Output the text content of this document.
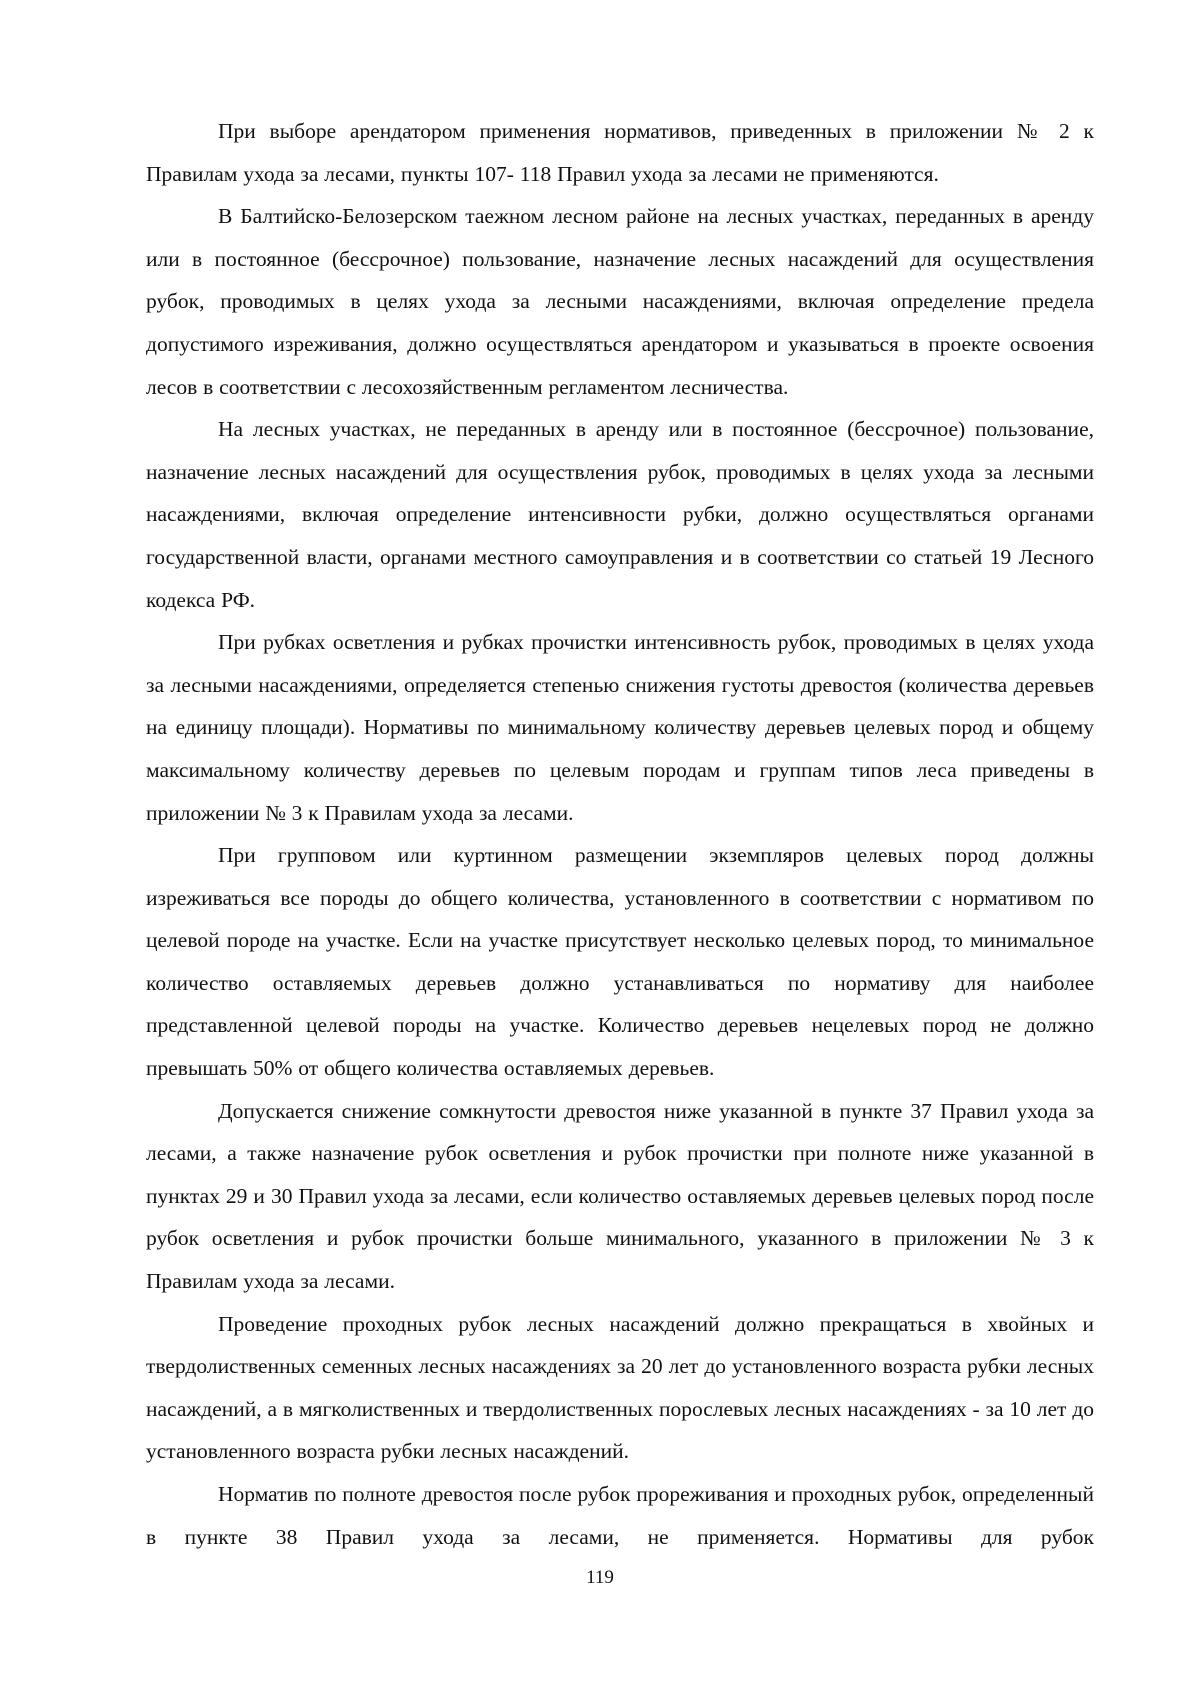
При выборе арендатором применения нормативов, приведенных в приложении № 2 к Правилам ухода за лесами, пункты 107- 118 Правил ухода за лесами не применяются.

В Балтийско-Белозерском таежном лесном районе на лесных участках, переданных в аренду или в постоянное (бессрочное) пользование, назначение лесных насаждений для осуществления рубок, проводимых в целях ухода за лесными насаждениями, включая определение предела допустимого изреживания, должно осуществляться арендатором и указываться в проекте освоения лесов в соответствии с лесохозяйственным регламентом лесничества.

На лесных участках, не переданных в аренду или в постоянное (бессрочное) пользование, назначение лесных насаждений для осуществления рубок, проводимых в целях ухода за лесными насаждениями, включая определение интенсивности рубки, должно осуществляться органами государственной власти, органами местного самоуправления и в соответствии со статьей 19 Лесного кодекса РФ.

При рубках осветления и рубках прочистки интенсивность рубок, проводимых в целях ухода за лесными насаждениями, определяется степенью снижения густоты древостоя (количества деревьев на единицу площади). Нормативы по минимальному количеству деревьев целевых пород и общему максимальному количеству деревьев по целевым породам и группам типов леса приведены в приложении № 3 к Правилам ухода за лесами.

При групповом или куртинном размещении экземпляров целевых пород должны изреживаться все породы до общего количества, установленного в соответствии с нормативом по целевой породе на участке. Если на участке присутствует несколько целевых пород, то минимальное количество оставляемых деревьев должно устанавливаться по нормативу для наиболее представленной целевой породы на участке. Количество деревьев нецелевых пород не должно превышать 50% от общего количества оставляемых деревьев.

Допускается снижение сомкнутости древостоя ниже указанной в пункте 37 Правил ухода за лесами, а также назначение рубок осветления и рубок прочистки при полноте ниже указанной в пунктах 29 и 30 Правил ухода за лесами, если количество оставляемых деревьев целевых пород после рубок осветления и рубок прочистки больше минимального, указанного в приложении № 3 к Правилам ухода за лесами.

Проведение проходных рубок лесных насаждений должно прекращаться в хвойных и твердолиственных семенных лесных насаждениях за 20 лет до установленного возраста рубки лесных насаждений, а в мягколиственных и твердолиственных порослевых лесных насаждениях - за 10 лет до установленного возраста рубки лесных насаждений.

Норматив по полноте древостоя после рубок прореживания и проходных рубок, определенный в пункте 38 Правил ухода за лесами, не применяется. Нормативы для рубок

119
